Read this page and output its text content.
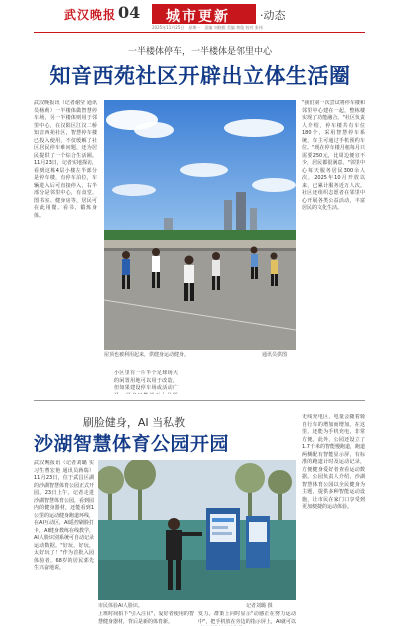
武汉晚报 04 城市更新	·动态
2025年11月25日　星期一　责编 刘晓雅 美编 黄俊 校对 张伟
一半楼体停车，一半楼体是邻里中心
知音西苑社区开辟出立体生活圈
武汉晚报讯（记者谢莹 通讯员杨莉）一半楼体做智慧停车场，另一半楼体则用于邻里中心，在汉阳区江汉二桥知音西苑社区，智慧停车楼已投入使用，不仅缓解了社区居民停车难问题，还为居民提供了一个综合生活圈。11月23日，记者实地探访，看到这栋4层小楼左半部分是停车楼，有停车泊位，车辆进入后可直接停入，右半部分是邻里中心，有食堂、图书室、健身房等，居民可在此用餐、看书、锻炼身体。
屋顶也被利用起来，供健身运动健身。	通讯员供图
小区里有一片半个足球场大的闲置用地可以用于改造，但如果建设停车场或活动广
"我们第一次尝试将停车楼和邻里中心建在一起，整栋楼实现了功能融合。"社区负责人介绍，停车楼共有车位180个，采用智慧停车系统，车主可通过手机预约车位。"现在停车楼月租每月只需要250元，比周边便宜不少，居民都很满意。"邻里中心每天服务居民300余人次，2025年10月开放以来，已累计服务近万人次。社区还组织志愿者在邻里中心开展各类公益活动，丰富居民的文化生活。
刷脸健身，AI 当私教
沙湖智慧体育公园开园
武汉晚报讯（记者刘璐 实习生曹宏艳 通讯员蒋瑞）11月23日，位于武昌区湖的沙湖智慧体育公园正式开园。23日上午，记者走进沙湖智慧体育公园，看到园内的健身器材，还能看到1公里的运动健身跑道环线，在AI互动区，AI遥控刷脸打卡，AI健身教练在线教学，AI人脸识别系统可自动记录运动数据。"好玩，好玩，太好玩了！"作为首批入园体验者，68岁的居民郭先生兴奋地说。
市民体验AI人脸识。	记者刘璐 摄
上班时间拍下"引入注目"，爱好者使用的智慧健身器材，背后是新的体育新。
发力。群策上同时显示"动感正在努力运动中"，把手机放在旁边的指示屏上，AI就可以
无线充电区，电量会随着骑自行车的增加而增加。在这里，还能为手机充电，非常方便。此外，公园还设立了1.7千米的智能慢跑道，跑道两侧配有智能显示屏，有标准的跑道计时及运动记录，方便健身爱好者查看运动数据。公园负责人介绍，沙湖智慧体育公园以全民健身为主题，提供多种智能运动设施，让市民在家门口享受到更加便捷的运动体验。
